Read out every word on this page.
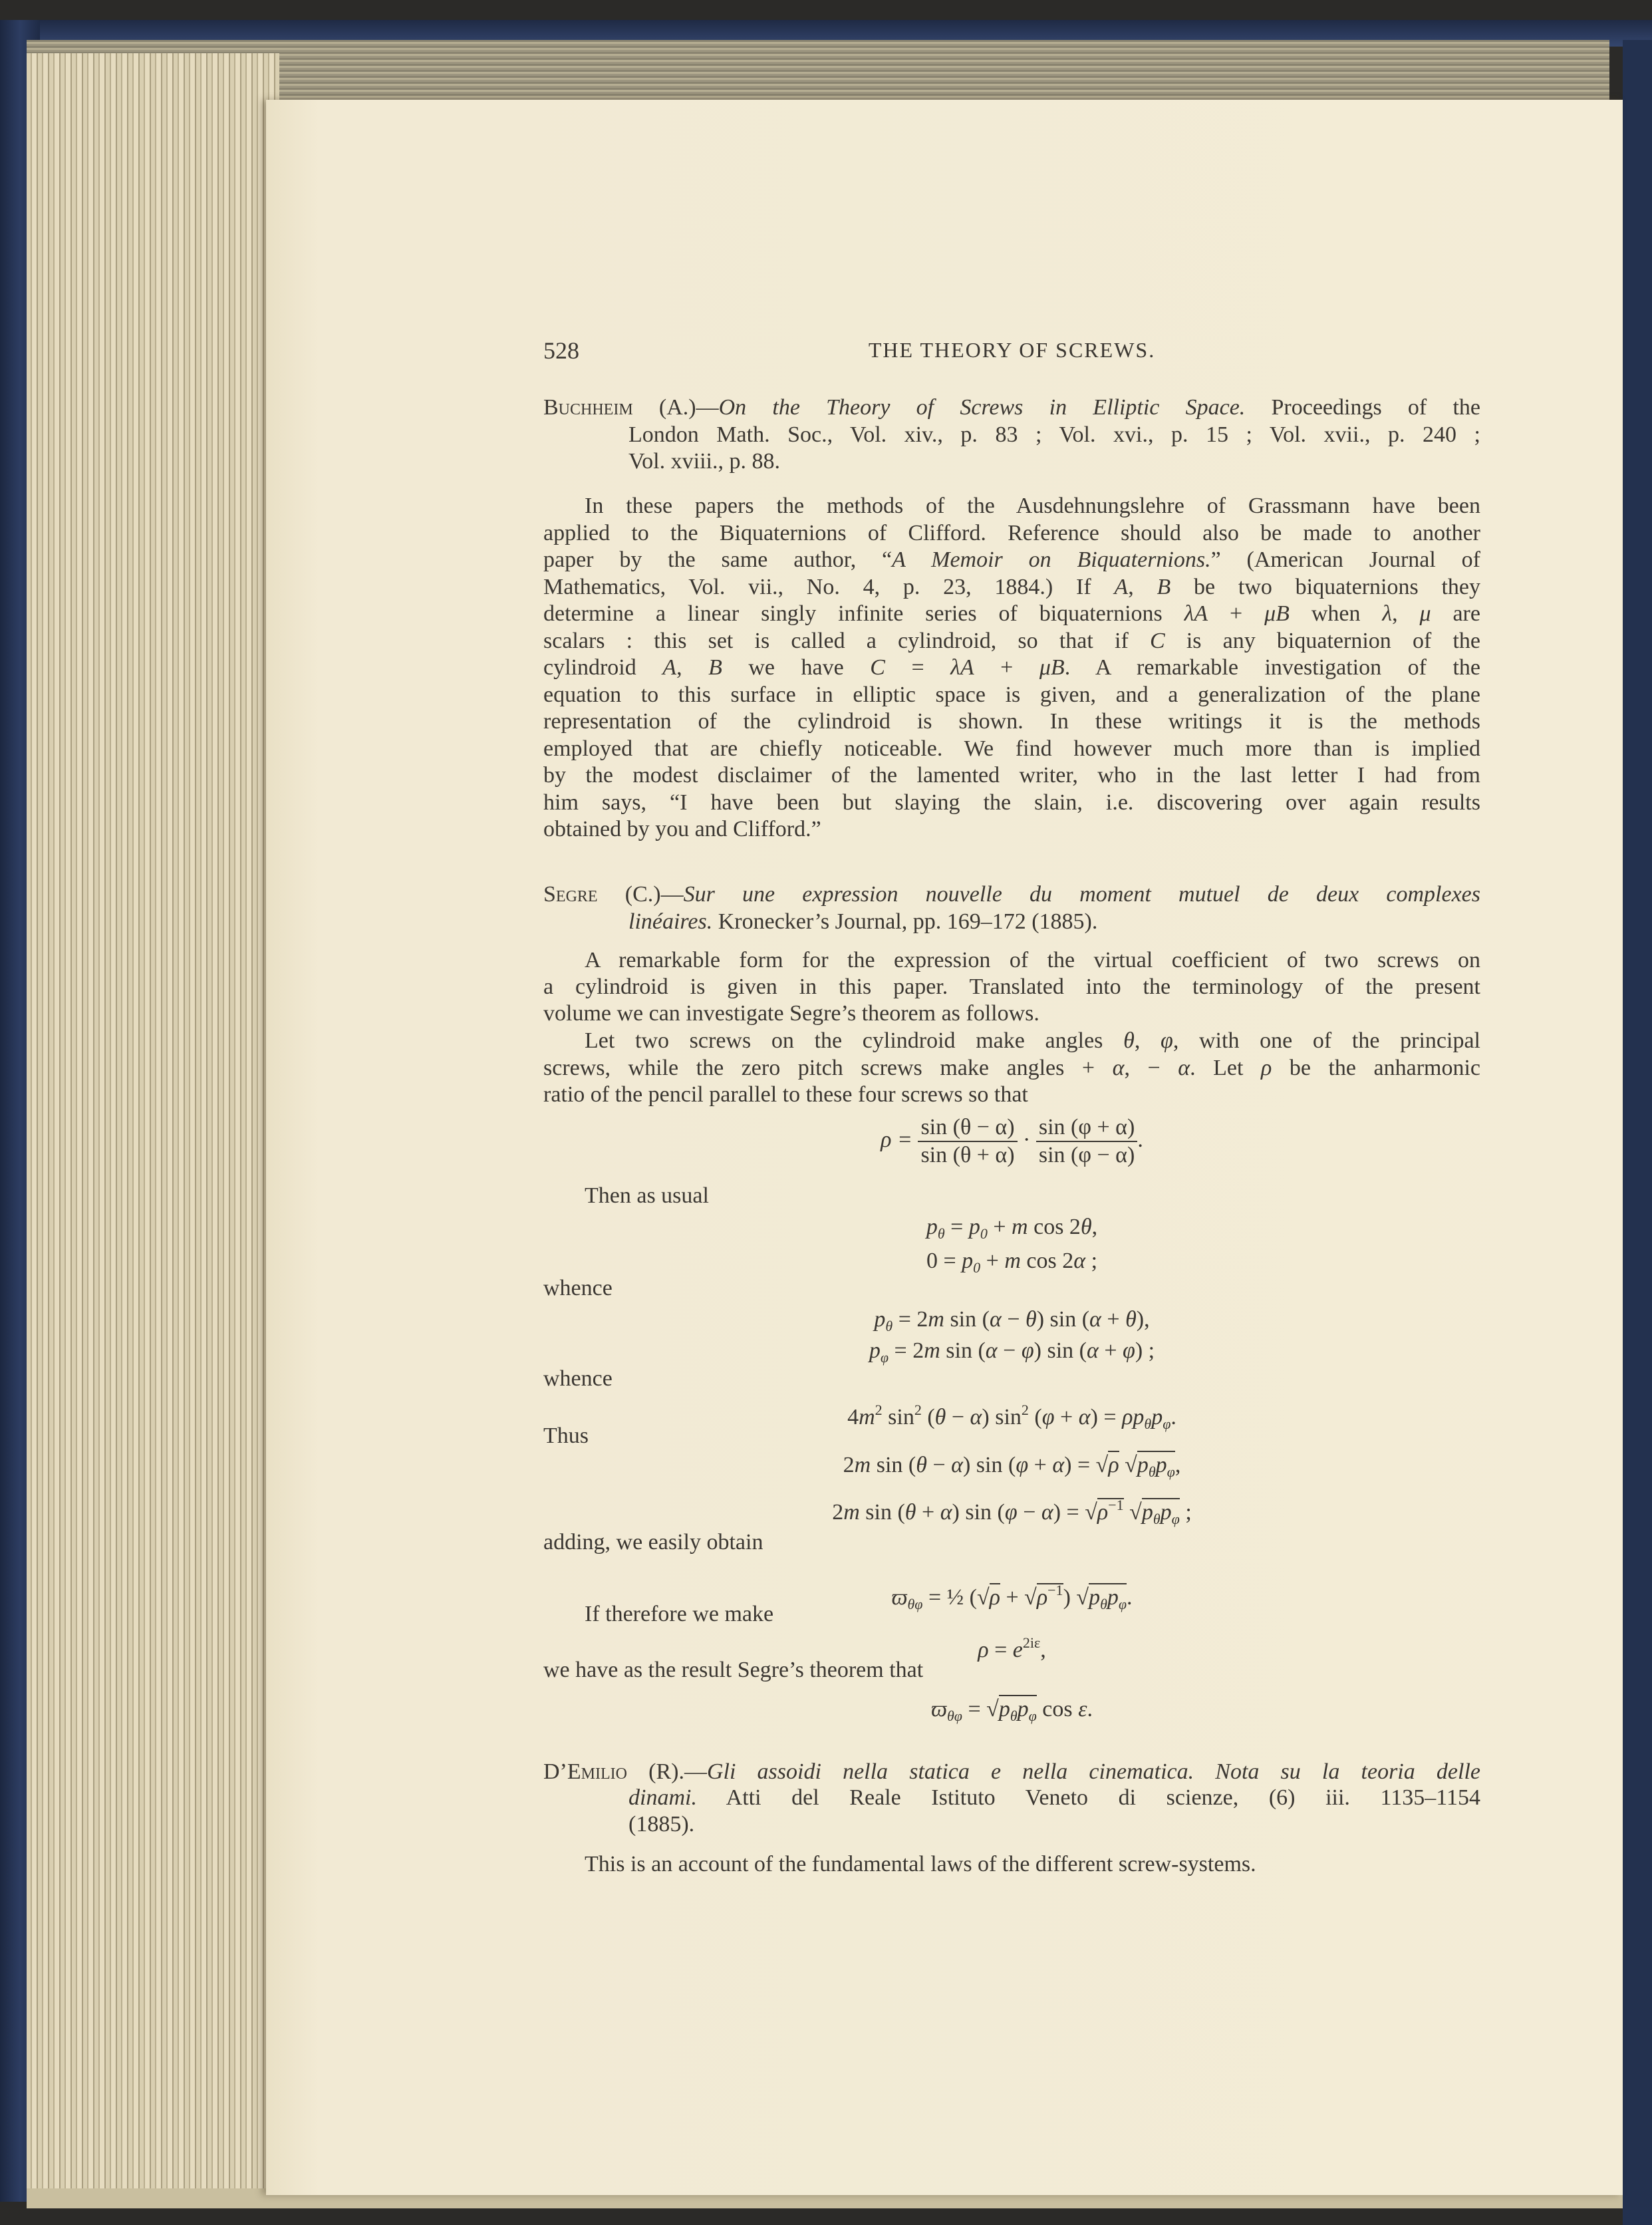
528	THE THEORY OF SCREWS.
Buchheim (A.)—On the Theory of Screws in Elliptic Space. Proceedings of the
London Math. Soc., Vol. xiv., p. 83 ; Vol. xvi., p. 15 ; Vol. xvii., p. 240 ;
Vol. xviii., p. 88.
In these papers the methods of the Ausdehnungslehre of Grassmann have been
applied to the Biquaternions of Clifford. Reference should also be made to another
paper by the same author, “A Memoir on Biquaternions.” (American Journal of
Mathematics, Vol. vii., No. 4, p. 23, 1884.) If A, B be two biquaternions they
determine a linear singly infinite series of biquaternions λA + μB when λ, μ are
scalars : this set is called a cylindroid, so that if C is any biquaternion of the
cylindroid A, B we have C = λA + μB. A remarkable investigation of the
equation to this surface in elliptic space is given, and a generalization of the plane
representation of the cylindroid is shown. In these writings it is the methods
employed that are chiefly noticeable. We find however much more than is implied
by the modest disclaimer of the lamented writer, who in the last letter I had from
him says, “I have been but slaying the slain, i.e. discovering over again results
obtained by you and Clifford.”
Segre (C.)—Sur une expression nouvelle du moment mutuel de deux complexes
linéaires. Kronecker’s Journal, pp. 169–172 (1885).
A remarkable form for the expression of the virtual coefficient of two screws on
a cylindroid is given in this paper. Translated into the terminology of the present
volume we can investigate Segre’s theorem as follows.
Let two screws on the cylindroid make angles θ, φ, with one of the principal
screws, while the zero pitch screws make angles + α, − α. Let ρ be the anharmonic
ratio of the pencil parallel to these four screws so that
$\rho = \frac{\sin (\theta - \alpha)}{\sin (\theta + \alpha)} \cdot \frac{\sin (\varphi + \alpha)}{\sin (\varphi - \alpha)}$ .
Then as usual
$p_\theta = p_0 + m$ cos 2θ,
$0 = p_0 + m$ cos 2α ;
whence
$p_\theta = 2m$ sin (α − θ) sin (α + θ),
$p_\varphi = 2m$ sin (α − φ) sin (α + φ) ;
whence
$4m^2$ $\sin^2 (\theta - \alpha)$ $\sin^2 (\varphi + \alpha) = \rho p_\theta p_\varphi$.
Thus
2m sin (θ − α) sin (φ + α) = √ρ $√p_\theta p_\varphi$,
2m sin (θ + α) $\sin (\varphi - \alpha) = √\rho^{-1}$ $√p_\theta p_\varphi$ ;
adding, we easily obtain
$ϖ_{\theta\varphi}$ = ½ $(√\rho + √\rho^{-1})$ $√p_\theta p_\varphi$.
If therefore we make
$\rho = e^{2i\varepsilon}$,
we have as the result Segre’s theorem that
$ϖ_{\theta\varphi} = √p_\theta p_\varphi$ cos ε.
D’Emilio (R).—Gli assoidi nella statica e nella cinematica. Nota su la teoria delle
dinami. Atti del Reale Istituto Veneto di scienze, (6) iii. 1135–1154
(1885).
This is an account of the fundamental laws of the different screw-systems.
